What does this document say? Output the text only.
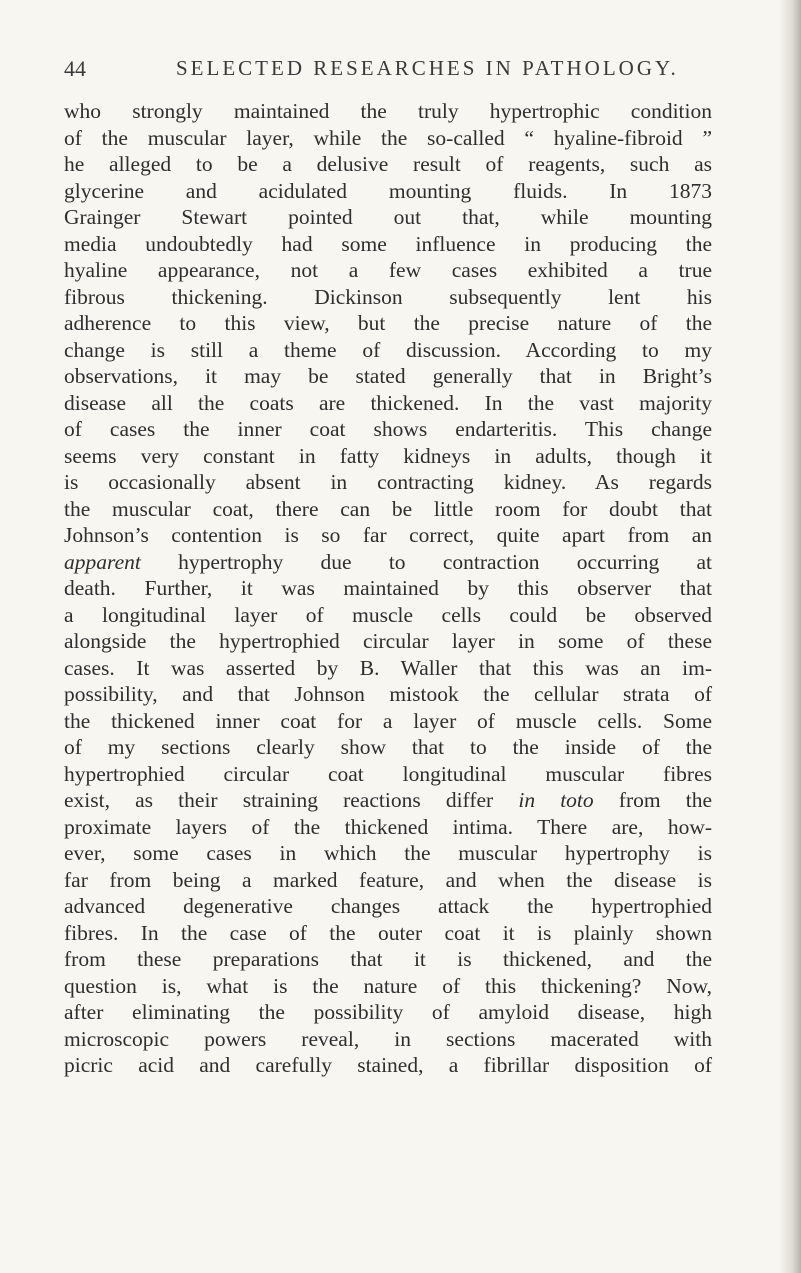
44	SELECTED RESEARCHES IN PATHOLOGY.
who strongly maintained the truly hypertrophic condition
of the muscular layer, while the so-called “ hyaline-fibroid ”
he alleged to be a delusive result of reagents, such as
glycerine and acidulated mounting fluids. In 1873
Grainger Stewart pointed out that, while mounting
media undoubtedly had some influence in producing the
hyaline appearance, not a few cases exhibited a true
fibrous thickening. Dickinson subsequently lent his
adherence to this view, but the precise nature of the
change is still a theme of discussion. According to my
observations, it may be stated generally that in Bright’s
disease all the coats are thickened. In the vast majority
of cases the inner coat shows endarteritis. This change
seems very constant in fatty kidneys in adults, though it
is occasionally absent in contracting kidney. As regards
the muscular coat, there can be little room for doubt that
Johnson’s contention is so far correct, quite apart from an
apparent hypertrophy due to contraction occurring at
death. Further, it was maintained by this observer that
a longitudinal layer of muscle cells could be observed
alongside the hypertrophied circular layer in some of these
cases. It was asserted by B. Waller that this was an im-
possibility, and that Johnson mistook the cellular strata of
the thickened inner coat for a layer of muscle cells. Some
of my sections clearly show that to the inside of the
hypertrophied circular coat longitudinal muscular fibres
exist, as their straining reactions differ in toto from the
proximate layers of the thickened intima. There are, how-
ever, some cases in which the muscular hypertrophy is
far from being a marked feature, and when the disease is
advanced degenerative changes attack the hypertrophied
fibres. In the case of the outer coat it is plainly shown
from these preparations that it is thickened, and the
question is, what is the nature of this thickening? Now,
after eliminating the possibility of amyloid disease, high
microscopic powers reveal, in sections macerated with
picric acid and carefully stained, a fibrillar disposition of
